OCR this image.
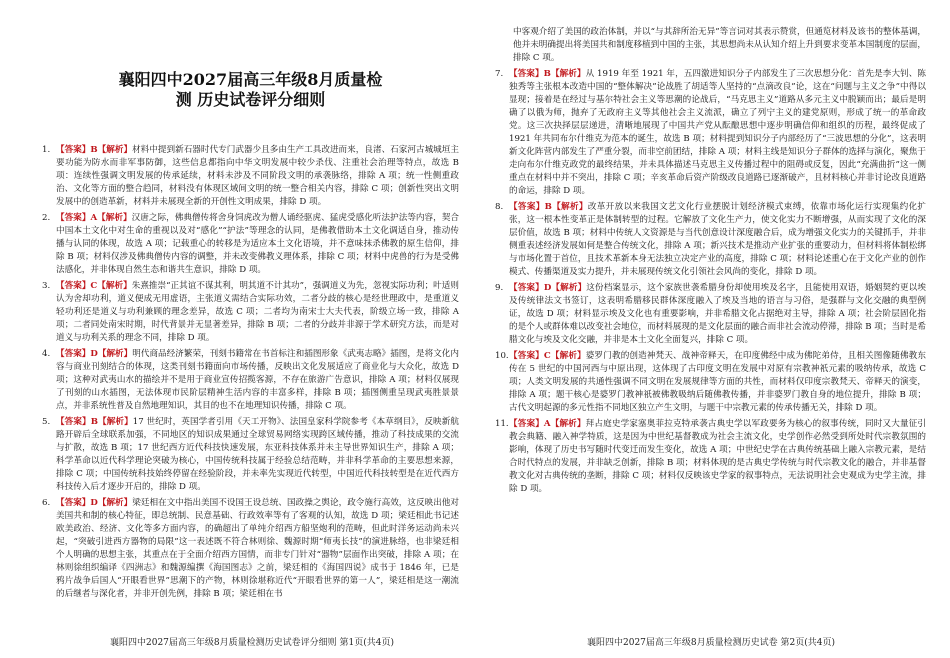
襄阳四中2027届高三年级8月质量检
测 历史试卷评分细则
1. 【答案】B【解析】材料中提到新石器时代专门武器少且多由生产工具改进而来，良渚、石家河古城城垣主要功能为防水而非军事防御，这些信息都指向中华文明发展中较少杀伐、注重社会治理等特点，故选 B 项：连续性强调文明发展的传承延续，材料未涉及不同阶段文明的承袭脉络，排除 A 项；统一性侧重政治、文化等方面的整合趋同，材料没有体现区域间文明的统一整合相关内容，排除 C 项；创新性突出文明发展中的创造革新，材料并未展现全新的开创性文明成果，排除 D 项。
2. 【答案】A【解析】汉唐之际，佛典僧传将舍身饲虎改为僧人诵经驱虎、猛虎受感化听法护法等内容，契合中国本土文化中对生命的重视以及对“感化”“护法”等理念的认同，是佛教借助本土文化调适自身，推动传播与认同的体现，故选 A 项；记载重心的转移是为适应本土文化语境，并不意味抹杀佛教的原生信仰，排除 B 项；材料仅涉及佛典僧传内容的调整，并未改变佛教义理体系，排除 C 项；材料中虎兽的行为是受佛法感化，并非体现自然生态和谐共生意识，排除 D 项。
3. 【答案】C【解析】朱熹推崇“正其谊不谋其利，明其道不计其功”，强调道义为先，忽视实际功利；叶适则认为舍却功利，道义便成无用虚语，主张道义需结合实际功效，二者分歧的核心是经世理政中，是重道义轻功利还是道义与功利兼顾的理念差异，故选 C 项；二者均为南宋士大夫代表，阶级立场一致，排除 A 项；二者同处南宋时期，时代背景并无显著差异，排除 B 项；二者的分歧并非源于学术研究方法，而是对道义与功利关系的理念不同，排除 D 项。
4. 【答案】D【解析】明代商品经济繁荣，刊刻书籍常在书首标注和插图形象《武夷志略》插图，是将文化内容与商业刊刻结合的体现，这类刊刻书籍面向市场传播，反映出文化发展适应了商业化与大众化，故选 D 项；这种对武夷山水的描绘并不是用于商业宣传招揽客源，不存在旅游广告意识，排除 A 项；材料仅展现了刊刻的山水插图，无法体现市民阶层精神生活内容的丰富多样，排除 B 项；插图侧重呈现武夷胜景景点，并非系统性普及自然地理知识，其目的也不在地理知识传播，排除 C 项。
5. 【答案】B【解析】17 世纪时，英国学者引用《天工开物》、法国皇家科学院参考《本草纲目》，反映新航路开辟后全球联系加强，不同地区的知识成果通过全球贸易网络实现跨区域传播，推动了科技成果的交流与扩散，故选 B 项；17 世纪西方近代科技快速发展，东亚科技体系并未主导世界知识生产，排除 A 项；科学革命以近代科学理论突破为核心，中国传统科技属于经验总结范畴，并非科学革命的主要思想来源，排除 C 项；中国传统科技始终停留在经验阶段，并未率先实现近代转型，中国近代科技转型是在近代西方科技传入后才逐步开启的，排除 D 项。
6. 【答案】D【解析】梁廷相在文中指出美国不设国王设总统、国政操之舆论，政令施行高效，这反映出他对美国共和制的核心特征，即总统制、民意基础、行政效率等有了客观的认知，故选 D 项；梁廷相此书记述欧美政治、经济、文化等多方面内容，的确超出了单纯介绍西方船坚炮利的范畴，但此时洋务运动尚未兴起，“突破引进西方器物的局限”这一表述既不符合林则徐、魏源时期“师夷长技”的演进脉络，也非梁廷相个人明确的思想主张，其重点在于全面介绍西方国情，而非专门针对“器物”层面作出突破，排除 A 项；在林则徐组织编译《四洲志》和魏源编撰《海国图志》之前，梁廷相的《海国四说》成书于 1846 年，已是鸦片战争后国人“开眼看世界”思潮下的产物，林则徐堪称近代“开眼看世界的第一人”，梁廷相是这一潮流的后继者与深化者，并非开创先例，排除 B 项；梁廷相在书
襄阳四中2027届高三年级8月质量检测历史试卷评分细则 第1页(共4页)
中客观介绍了美国的政治体制，并以“与其辞所治无异”等言词对其表示赞赏，但通览材料及该书的整体基调，他并未明确提出将美国共和制度移植到中国的主张，其思想尚未从认知介绍上升到要求变革本国制度的层面，排除 C 项。
7. 【答案】B【解析】从 1919 年至 1921 年，五四激进知识分子内部发生了三次思想分化：首先是李大钊、陈独秀等主张根本改造中国的“整体解决”论战胜了胡适等人坚持的“点滴改良”论，这在“问题与主义之争”中得以显现；接着是在经过与基尔特社会主义等思潮的论战后，“马克思主义”道路从多元主义中脱颖而出；最后是明确了以俄为师，抛弃了无政府主义等其他社会主义流派，确立了列宁主义的建党原则，形成了统一的革命政党。这三次抉择层层递进，清晰地展现了中国共产党从酝酿思想中逐步明确信仰和组织的历程，最终促成了 1921 年共同布尔什维克为范本的诞生，故选 B 项；材料提到知识分子内部经历了“三波思想的分化”，这表明新文化阵营内部发生了严重分裂，而非空前团结，排除 A 项；材料主线是知识分子群体的选择与演化，聚焦于走向布尔什维克政党的最终结果，并未具体描述马克思主义传播过程中的阻碍或反复，因此“充满曲折”这一侧重点在材料中并不突出，排除 C 项；辛亥革命后资产阶级改良道路已逐渐破产，且材料核心并非讨论改良道路的命运，排除 D 项。
8. 【答案】B【解析】改革开放以来我国文艺文化行业摆脱计划经济模式束缚，依靠市场化运行实现集约化扩张，这一根本性变革正是体制转型的过程。它解放了文化生产力，使文化实力不断增强，从而实现了文化的深层价值，故选 B 项；材料中传统人文资源是与当代创意设计深度融合后，成为增强文化实力的关键抓手，并非侧重表述经济发展如何是整合传统文化，排除 A 项；新兴技术是推动产业扩张的重要动力，但材料将体制松绑与市场化置于首位，且技术革新本身无法独立决定产业的高度，排除 C 项；材料论述重心在于文化产业的创作模式、传播渠道及实力提升，并未展现传统文化引领社会风尚的变化，排除 D 项。
9. 【答案】D【解析】这份档案显示，这个家族世袭希腊身份却使用埃及名字，且能使用双语，婚姻契约更以埃及传统律法文书签订，这表明希腊移民群体深度融入了埃及当地的语言与习俗，是强群与文化交融的典型例证，故选 D 项；材料显示埃及文化也有重要影响，并非希腊文化占据绝对主导，排除 A 项；社会阶层固化指的是个人或群体难以改变社会地位，而材料展现的是文化层面的融合而非社会流动停滞，排除 B 项；当时是希腊文化与埃及文化交融，并非是本土文化全面复兴，排除 C 项。
10. 【答案】C【解析】婆罗门教的创造神梵天、战神帝释天，在印度佛经中成为佛陀弟侍，且相关图像随佛教东传在 5 世纪的中国河西与中原出现，这体现了古印度文明在发展中对原有宗教神祇元素的吸纳传承，故选 C 项；人类文明发展的共通性强调不同文明在发展规律等方面的共性，而材料仅印度宗教梵天、帝释天的演变，排除 A 项；题干核心是婆罗门教神祇被佛教吸纳后随佛教传播，并非婆罗门教自身的地位提升，排除 B 项；古代文明起源的多元性指不同地区独立产生文明，与题干中宗教元素的传承传播无关，排除 D 项。
11. 【答案】A【解析】拜占庭史学家塞奥菲拉克特承袭古典史学以军政要务为核心的叙事传统，同时又大量征引教会典籍、融入神学特质，这是因为中世纪基督教成为社会主流文化，史学创作必然受到所处时代宗教氛围的影响，体现了历史书写随时代变迁而发生变化，故选 A 项；中世纪史学在古典传统基础上融入宗教元素，是结合时代特点的发展，并非缺乏创新，排除 B 项；材料体现的是古典史学传统与时代宗教文化的融合，并非基督教文化对古典传统的垄断，排除 C 项；材料仅反映该史学家的叙事特点，无法说明社会史观成为史学主流，排除 D 项。
襄阳四中2027届高三年级8月质量检测历史试卷 第2页(共4页)
